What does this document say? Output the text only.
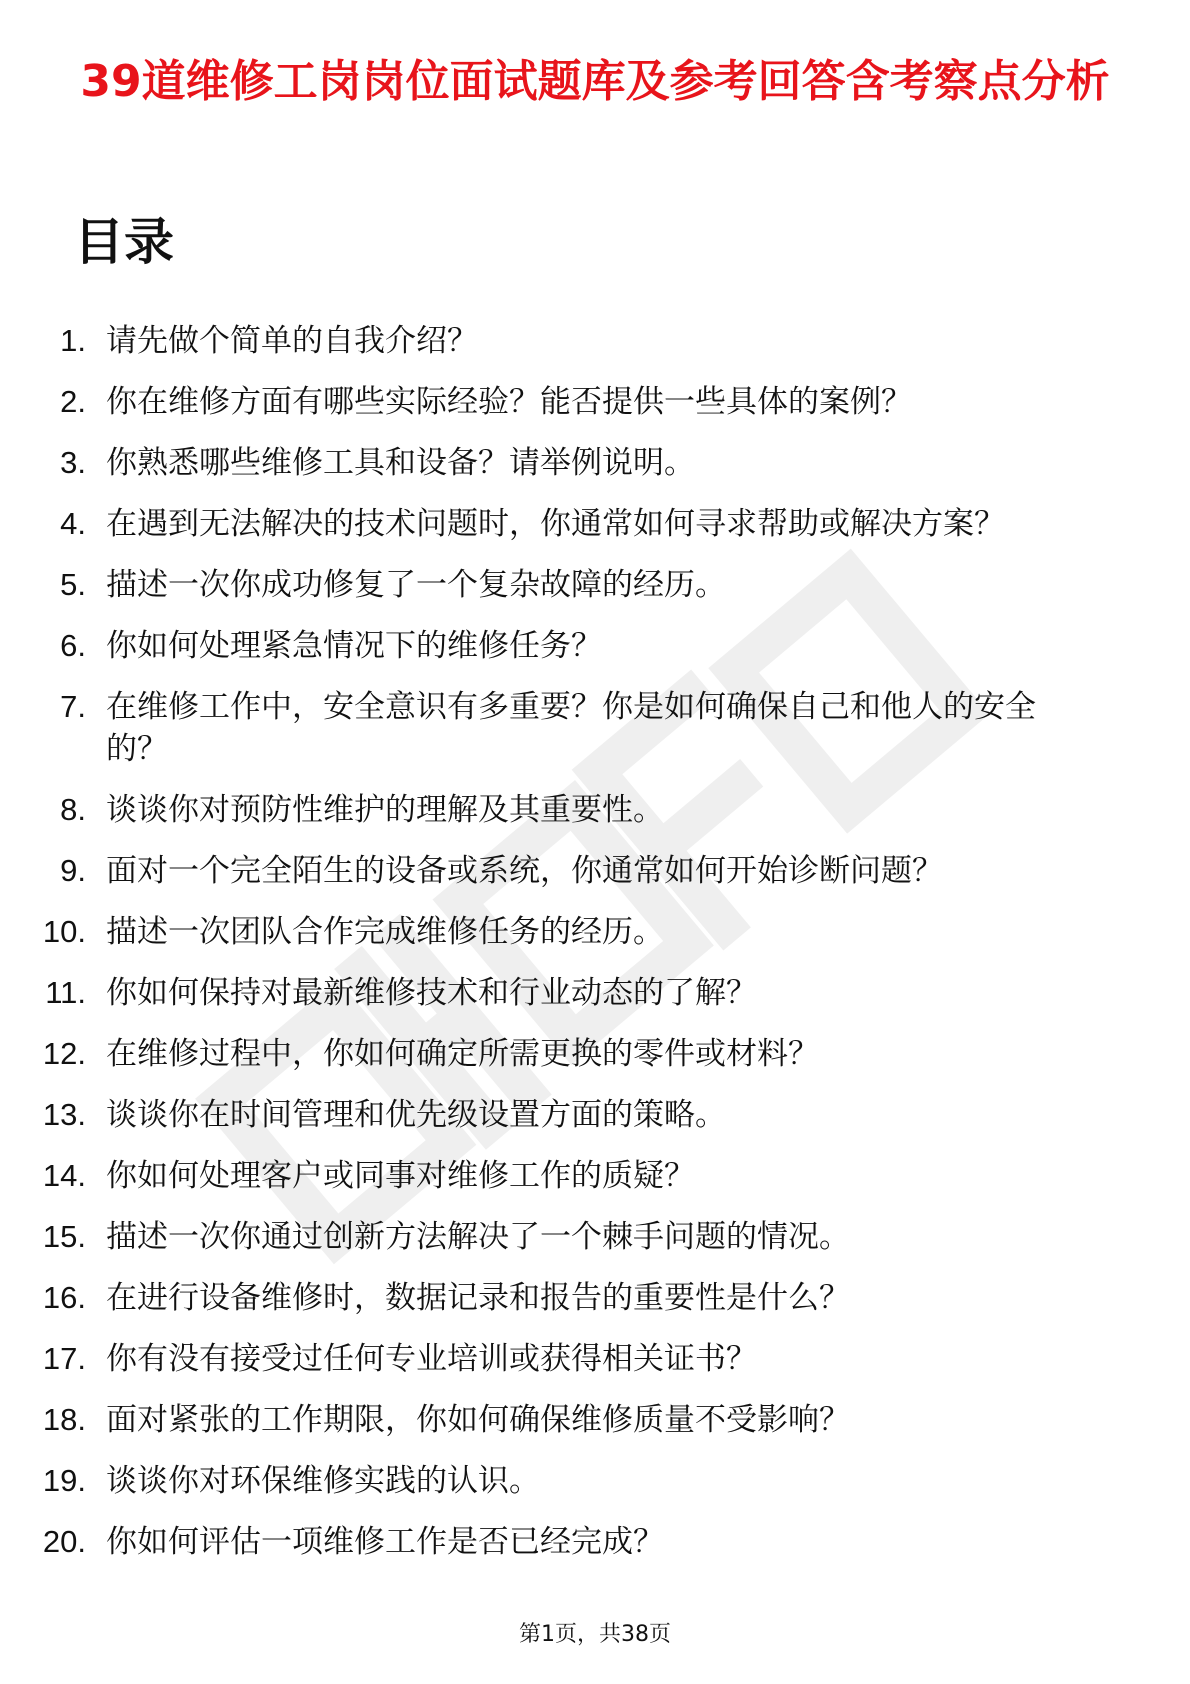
39道维修工岗岗位面试题库及参考回答含考察点分析
目录
1. 请先做个简单的自我介绍？
2. 你在维修方面有哪些实际经验？能否提供一些具体的案例？
3. 你熟悉哪些维修工具和设备？请举例说明。
4. 在遇到无法解决的技术问题时，你通常如何寻求帮助或解决方案？
5. 描述一次你成功修复了一个复杂故障的经历。
6. 你如何处理紧急情况下的维修任务？
7. 在维修工作中，安全意识有多重要？你是如何确保自己和他人的安全的？
8. 谈谈你对预防性维护的理解及其重要性。
9. 面对一个完全陌生的设备或系统，你通常如何开始诊断问题？
10. 描述一次团队合作完成维修任务的经历。
11. 你如何保持对最新维修技术和行业动态的了解？
12. 在维修过程中，你如何确定所需更换的零件或材料？
13. 谈谈你在时间管理和优先级设置方面的策略。
14. 你如何处理客户或同事对维修工作的质疑？
15. 描述一次你通过创新方法解决了一个棘手问题的情况。
16. 在进行设备维修时，数据记录和报告的重要性是什么？
17. 你有没有接受过任何专业培训或获得相关证书？
18. 面对紧张的工作期限，你如何确保维修质量不受影响？
19. 谈谈你对环保维修实践的认识。
20. 你如何评估一项维修工作是否已经完成？
第1页，共38页
